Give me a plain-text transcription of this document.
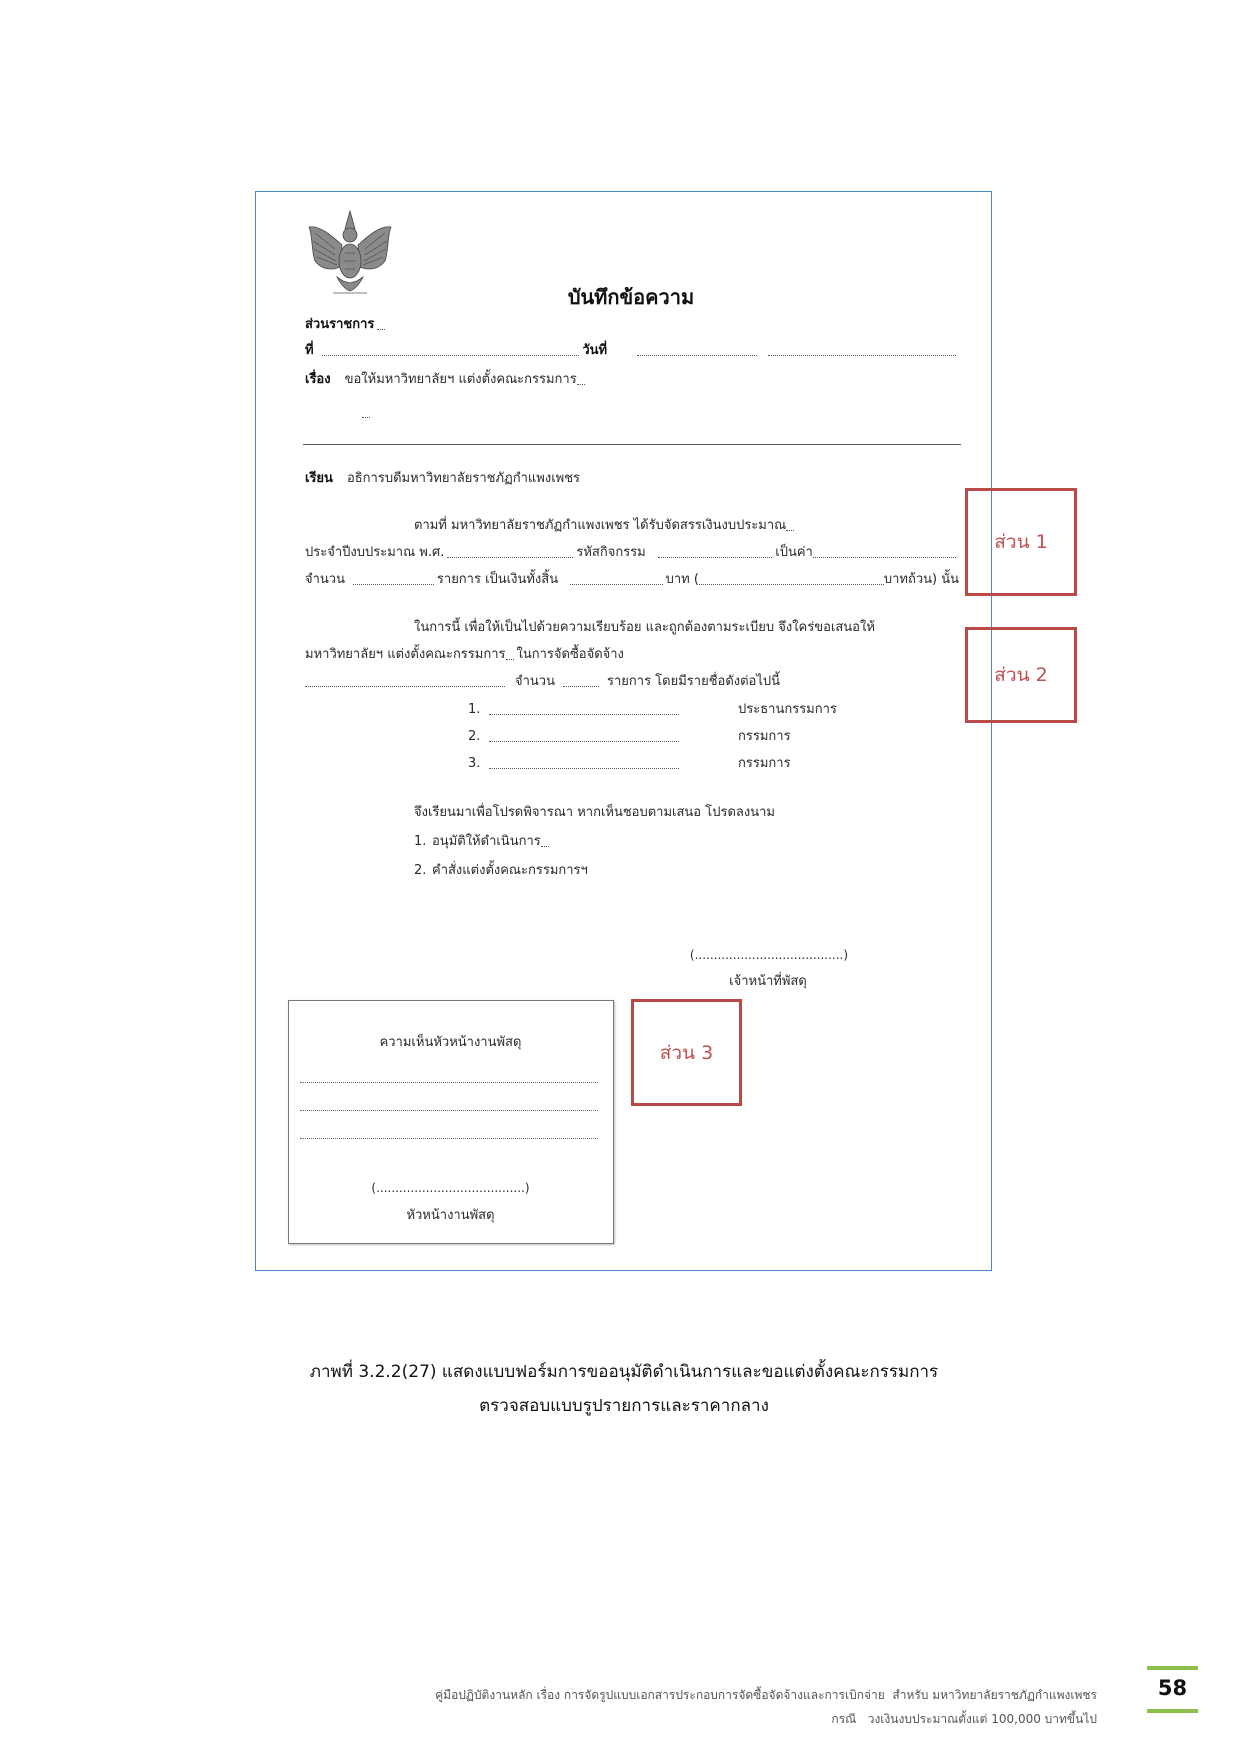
บันทึกข้อความ
ส่วนราชการ
ที่	วันที่
เรื่อง ขอให้มหาวิทยาลัยฯ แต่งตั้งคณะกรรมการ
เรียน อธิการบดีมหาวิทยาลัยราชภัฏกำแพงเพชร
ตามที่ มหาวิทยาลัยราชภัฏกำแพงเพชร ได้รับจัดสรรเงินงบประมาณ
ประจำปีงบประมาณ พ.ศ.	รหัสกิจกรรม	เป็นค่า
จำนวน	รายการ เป็นเงินทั้งสิ้น	บาท (	บาทถ้วน) นั้น
ในการนี้ เพื่อให้เป็นไปด้วยความเรียบร้อย และถูกต้องตามระเบียบ จึงใคร่ขอเสนอให้
มหาวิทยาลัยฯ แต่งตั้งคณะกรรมการ ในการจัดซื้อจัดจ้าง
จำนวน	รายการ โดยมีรายชื่อดังต่อไปนี้
1.	ประธานกรรมการ
2.	กรรมการ
3.	กรรมการ
จึงเรียนมาเพื่อโปรดพิจารณา หากเห็นชอบตามเสนอ โปรดลงนาม
1. อนุมัติให้ดำเนินการ
2. คำสั่งแต่งตั้งคณะกรรมการฯ
(.......................................)
เจ้าหน้าที่พัสดุ
ความเห็นหัวหน้างานพัสดุ
(.......................................)
หัวหน้างานพัสดุ
ส่วน 1
ส่วน 2
ส่วน 3
ภาพที่ 3.2.2(27) แสดงแบบฟอร์มการขออนุมัติดำเนินการและขอแต่งตั้งคณะกรรมการ
ตรวจสอบแบบรูปรายการและราคากลาง
คู่มือปฏิบัติงานหลัก เรื่อง การจัดรูปแบบเอกสารประกอบการจัดซื้อจัดจ้างและการเบิกจ่าย  สำหรับ มหาวิทยาลัยราชภัฏกำแพงเพชร
กรณี   วงเงินงบประมาณตั้งแต่ 100,000 บาทขึ้นไป
58
